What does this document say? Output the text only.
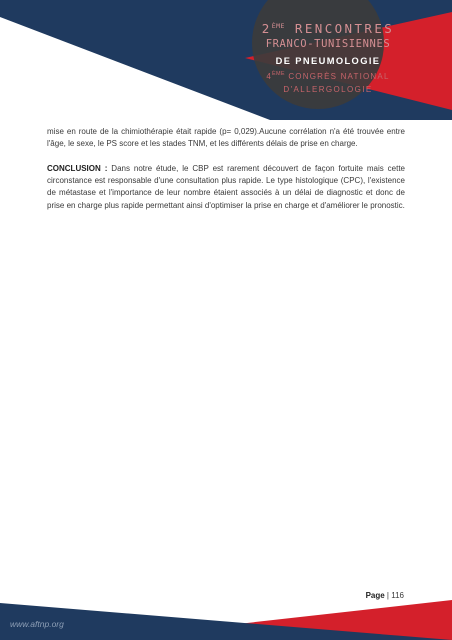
2ÈME RENCONTRES
FRANCO-TUNISIENNES
DE PNEUMOLOGIE
4ÈME CONGRÈS NATIONAL
D'ALLERGOLOGIE

mise en route de la chimiothérapie était rapide (p= 0,029).Aucune corrélation n'a été trouvée entre l'âge, le sexe, le PS score et les stades TNM, et les différents délais de prise en charge.

CONCLUSION : Dans notre étude, le CBP est rarement découvert de façon fortuite mais cette circonstance est responsable d'une consultation plus rapide. Le type histologique (CPC), l'existence de métastase et l'importance de leur nombre étaient associés à un délai de diagnostic et donc de prise en charge plus rapide permettant ainsi d'optimiser la prise en charge et d'améliorer le pronostic.

Page | 116
www.aftnp.org
